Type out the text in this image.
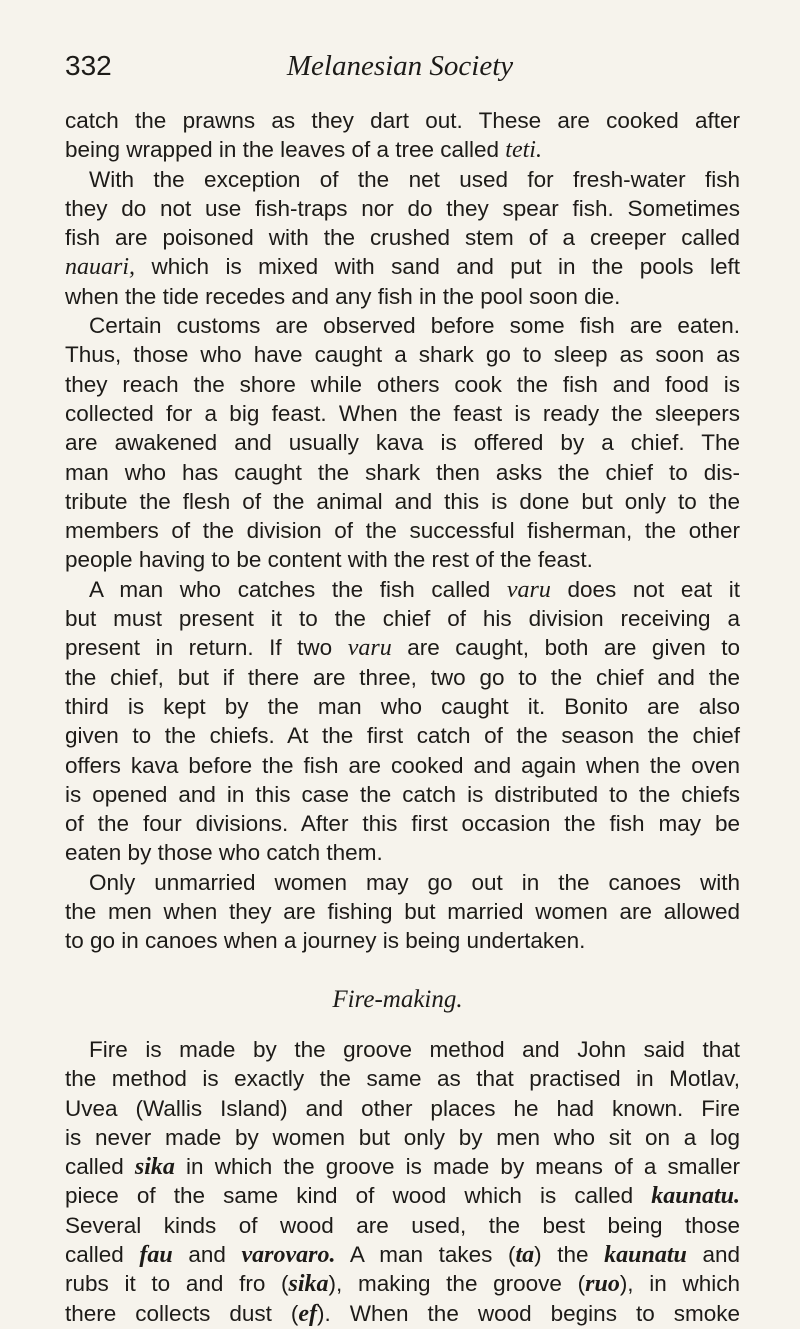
332	Melanesian Society
catch the prawns as they dart out. These are cooked after
being wrapped in the leaves of a tree called teti.
With the exception of the net used for fresh-water fish
they do not use fish-traps nor do they spear fish. Sometimes
fish are poisoned with the crushed stem of a creeper called
nauari, which is mixed with sand and put in the pools left
when the tide recedes and any fish in the pool soon die.
Certain customs are observed before some fish are eaten.
Thus, those who have caught a shark go to sleep as soon as
they reach the shore while others cook the fish and food is
collected for a big feast. When the feast is ready the sleepers
are awakened and usually kava is offered by a chief. The
man who has caught the shark then asks the chief to dis-
tribute the flesh of the animal and this is done but only to the
members of the division of the successful fisherman, the other
people having to be content with the rest of the feast.
A man who catches the fish called varu does not eat it
but must present it to the chief of his division receiving a
present in return. If two varu are caught, both are given to
the chief, but if there are three, two go to the chief and the
third is kept by the man who caught it. Bonito are also
given to the chiefs. At the first catch of the season the chief
offers kava before the fish are cooked and again when the oven
is opened and in this case the catch is distributed to the chiefs
of the four divisions. After this first occasion the fish may be
eaten by those who catch them.
Only unmarried women may go out in the canoes with
the men when they are fishing but married women are allowed
to go in canoes when a journey is being undertaken.
Fire-making.
Fire is made by the groove method and John said that
the method is exactly the same as that practised in Motlav,
Uvea (Wallis Island) and other places he had known. Fire
is never made by women but only by men who sit on a log
called sika in which the groove is made by means of a smaller
piece of the same kind of wood which is called kaunatu.
Several kinds of wood are used, the best being those
called fau and varovaro. A man takes (ta) the kaunatu and
rubs it to and fro (sika), making the groove (ruo), in which
there collects dust (ef). When the wood begins to smoke
